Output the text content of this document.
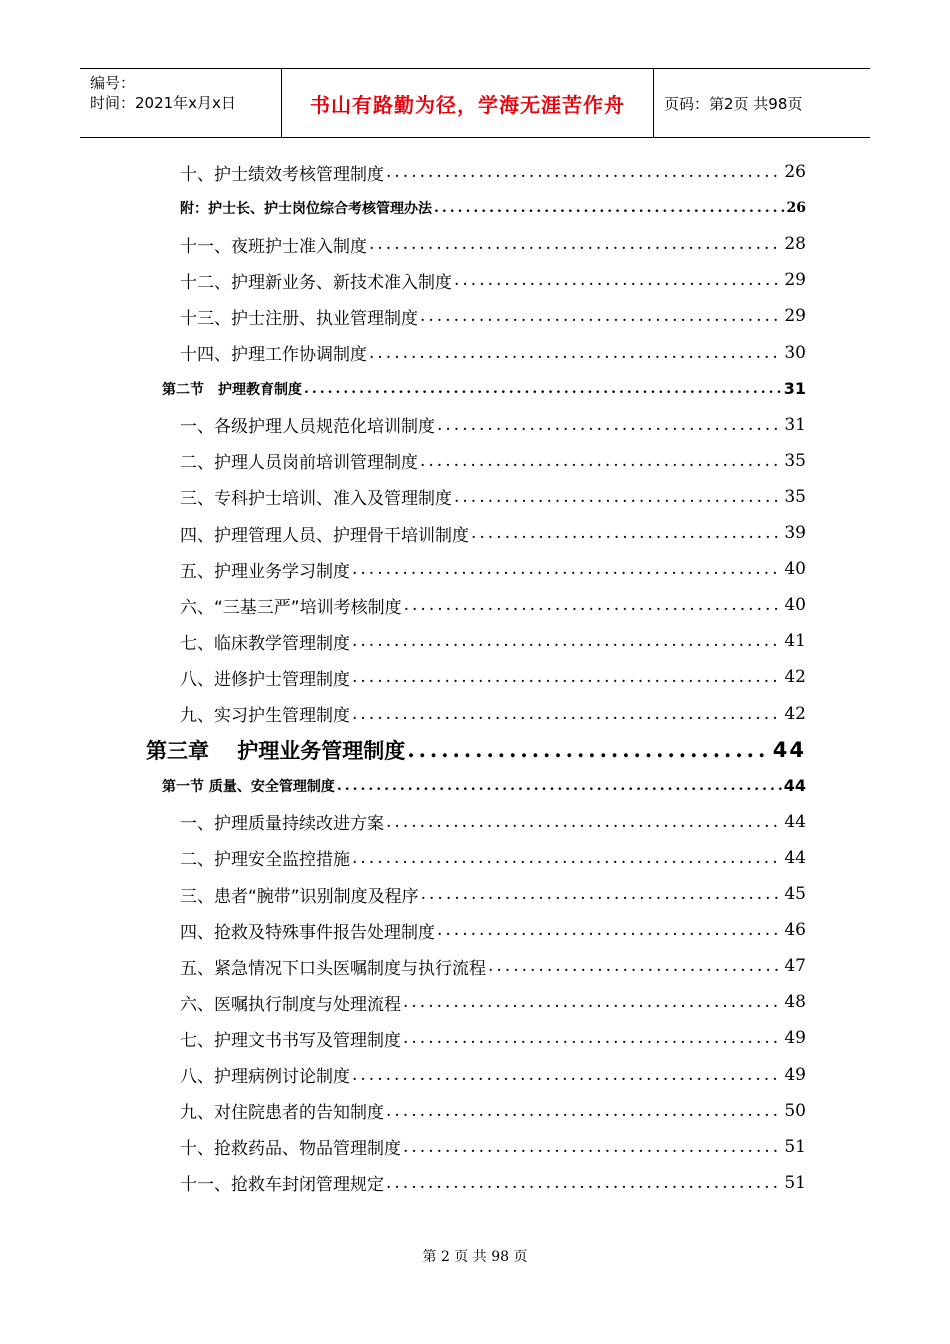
编号：
时间：2021年x月x日	书山有路勤为径，学海无涯苦作舟	页码：第2页 共98页
十、护士绩效考核管理制度 .....	26
附：护士长、护士岗位综合考核管理办法 .....	26
十一、夜班护士准入制度 .....	28
十二、护理新业务、新技术准入制度 .....	29
十三、护士注册、执业管理制度 .....	29
十四、护理工作协调制度 .....	30
第二节　护理教育制度 .....	31
一、各级护理人员规范化培训制度 .....	31
二、护理人员岗前培训管理制度 .....	35
三、专科护士培训、准入及管理制度 .....	35
四、护理管理人员、护理骨干培训制度 .....	39
五、护理业务学习制度 .....	40
六、“三基三严”培训考核制度 .....	40
七、临床教学管理制度 .....	41
八、进修护士管理制度 .....	42
九、实习护生管理制度 .....	42
第三章　 护理业务管理制度 .....	44
第一节 质量、安全管理制度 .....	44
一、护理质量持续改进方案 .....	44
二、护理安全监控措施 .....	44
三、患者“腕带”识别制度及程序 .....	45
四、抢救及特殊事件报告处理制度 .....	46
五、紧急情况下口头医嘱制度与执行流程 .....	47
六、医嘱执行制度与处理流程 .....	48
七、护理文书书写及管理制度 .....	49
八、护理病例讨论制度 .....	49
九、对住院患者的告知制度 .....	50
十、抢救药品、物品管理制度 .....	51
十一、抢救车封闭管理规定 .....	51
第 2 页 共 98 页
